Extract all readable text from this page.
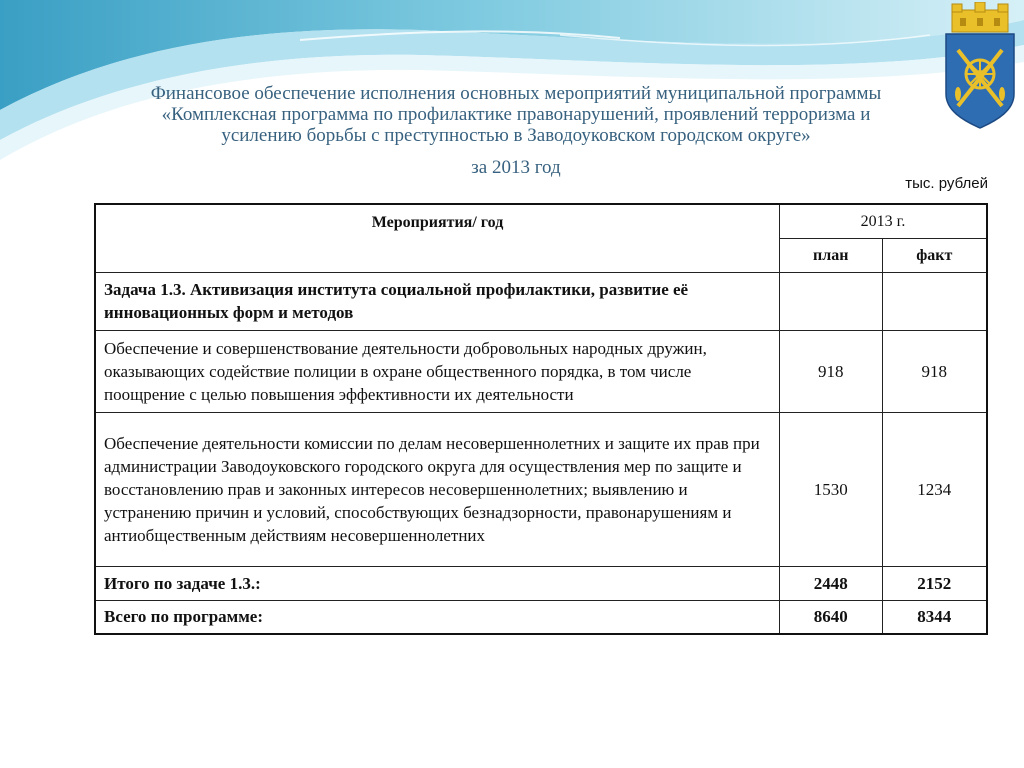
Финансовое обеспечение исполнения основных мероприятий муниципальной программы
«Комплексная программа по профилактике правонарушений, проявлений терроризма и
усилению борьбы с преступностью в Заводоуковском городском округе»
за 2013 год
тыс. рублей
Мероприятия/ год	2013 г.	
	план	факт
Задача 1.3. Активизация института социальной профилактики, развитие её инновационных форм и методов		
Обеспечение и совершенствование деятельности добровольных народных дружин, оказывающих содействие полиции в охране общественного порядка, в том числе поощрение с целью повышения эффективности их деятельности	918	918
Обеспечение деятельности комиссии по делам несовершеннолетних и защите их прав при администрации Заводоуковского городского округа для осуществления мер по защите и восстановлению прав и законных интересов несовершеннолетних; выявлению и устранению причин и условий, способствующих безнадзорности, правонарушениям и антиобщественным действиям несовершеннолетних	1530	1234
Итого по задаче 1.3.:	2448	2152
Всего по программе:	8640	8344
